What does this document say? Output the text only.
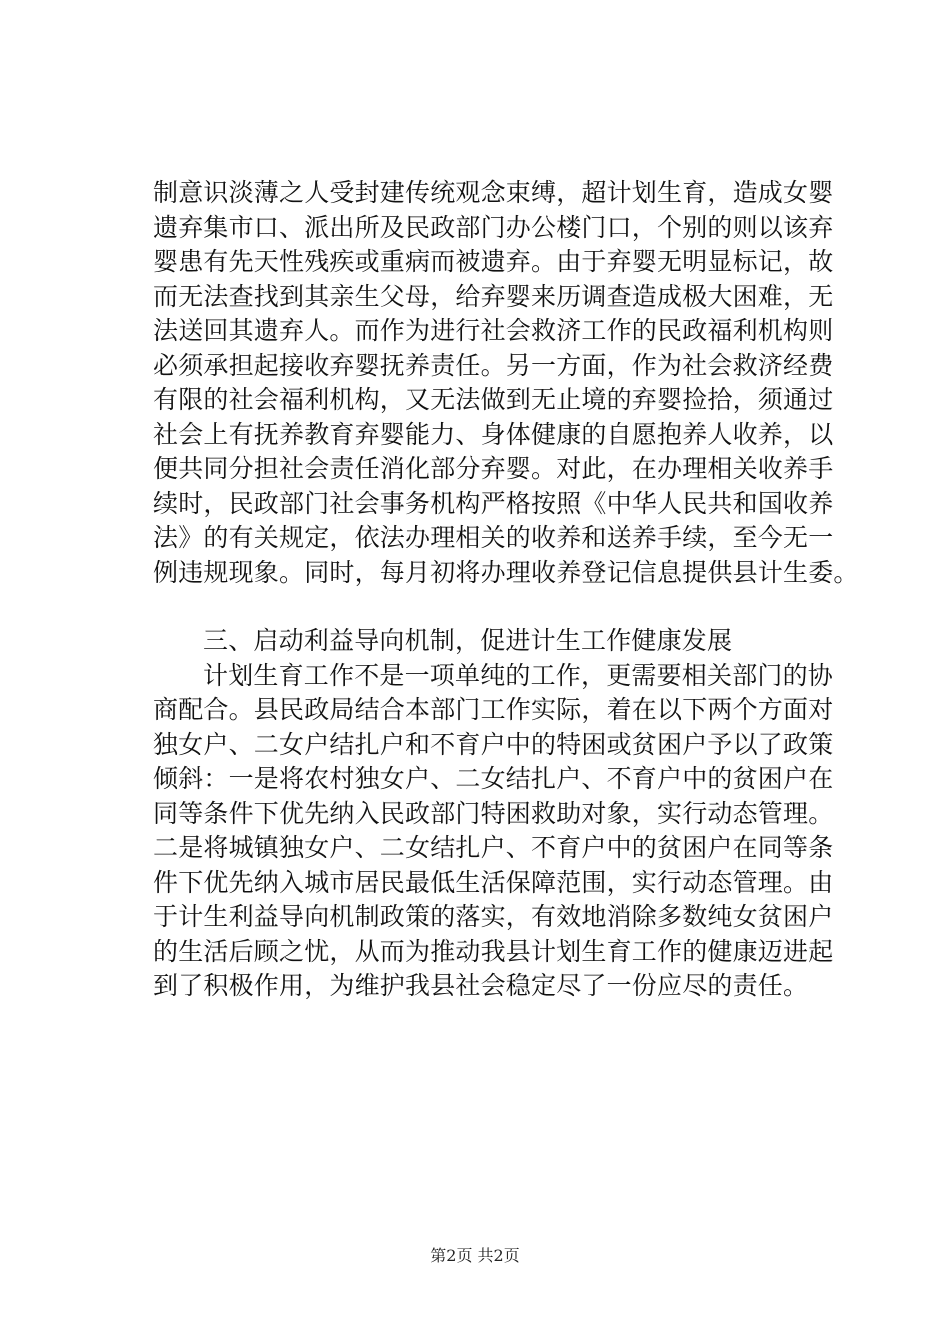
制意识淡薄之人受封建传统观念束缚，超计划生育，造成女婴
遗弃集市口、派出所及民政部门办公楼门口，个别的则以该弃
婴患有先天性残疾或重病而被遗弃。由于弃婴无明显标记，故
而无法查找到其亲生父母，给弃婴来历调查造成极大困难，无
法送回其遗弃人。而作为进行社会救济工作的民政福利机构则
必须承担起接收弃婴抚养责任。另一方面，作为社会救济经费
有限的社会福利机构，又无法做到无止境的弃婴捡拾，须通过
社会上有抚养教育弃婴能力、身体健康的自愿抱养人收养，以
便共同分担社会责任消化部分弃婴。对此，在办理相关收养手
续时，民政部门社会事务机构严格按照《中华人民共和国收养
法》的有关规定，依法办理相关的收养和送养手续，至今无一
例违规现象。同时，每月初将办理收养登记信息提供县计生委。
三、启动利益导向机制，促进计生工作健康发展
计划生育工作不是一项单纯的工作，更需要相关部门的协
商配合。县民政局结合本部门工作实际，着在以下两个方面对
独女户、二女户结扎户和不育户中的特困或贫困户予以了政策
倾斜：一是将农村独女户、二女结扎户、不育户中的贫困户在
同等条件下优先纳入民政部门特困救助对象，实行动态管理。
二是将城镇独女户、二女结扎户、不育户中的贫困户在同等条
件下优先纳入城市居民最低生活保障范围，实行动态管理。由
于计生利益导向机制政策的落实，有效地消除多数纯女贫困户
的生活后顾之忧，从而为推动我县计划生育工作的健康迈进起
到了积极作用，为维护我县社会稳定尽了一份应尽的责任。
第2页 共2页
